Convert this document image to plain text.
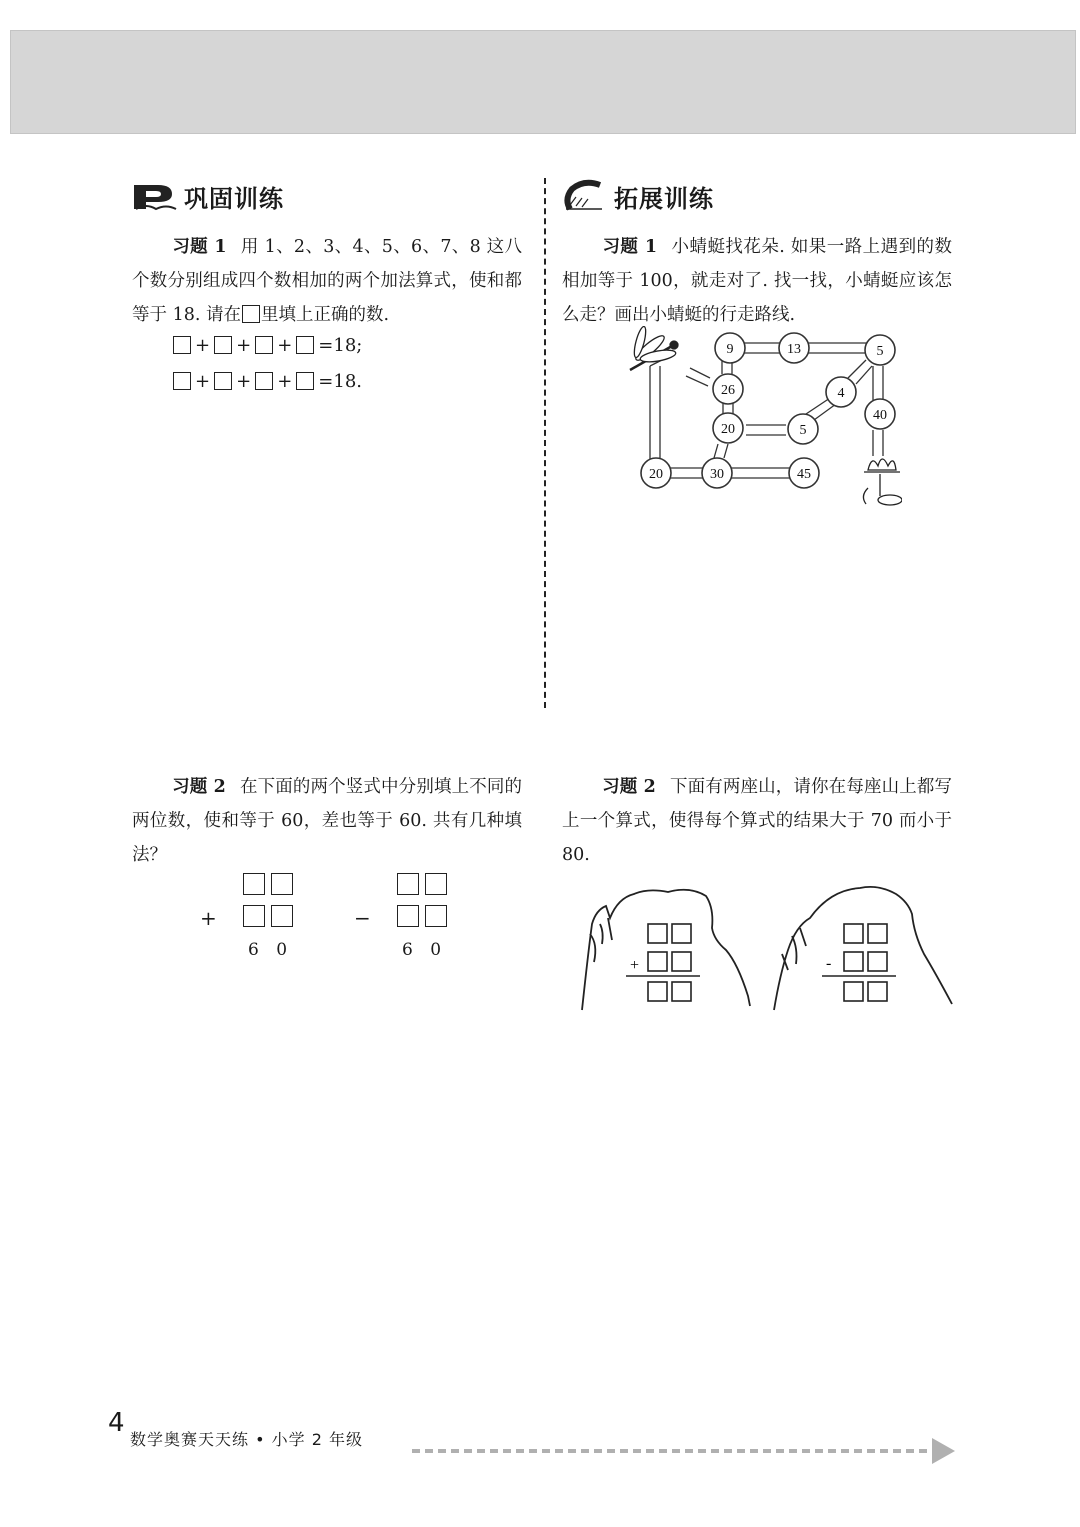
巩固训练
习题 1 用 1、2、3、4、5、6、7、8 这八个数分别组成四个数相加的两个加法算式，使和都等于 18. 请在 里填上正确的数.
+ + + =18;
+ + + =18.
习题 2 在下面的两个竖式中分别填上不同的两位数，使和等于 60，差也等于 60. 共有几种填法？
+
6 0
−
6 0
拓展训练
习题 1 小蜻蜓找花朵. 如果一路上遇到的数相加等于 100，就走对了. 找一找，小蜻蜓应该怎么走？画出小蜻蜓的行走路线.
9	13	5
26	4
40
20	5
20	30	45
习题 2 下面有两座山，请你在每座山上都写上一个算式，使得每个算式的结果大于 70 而小于 80.
+	-
4
数学奥赛天天练 • 小学 2 年级
